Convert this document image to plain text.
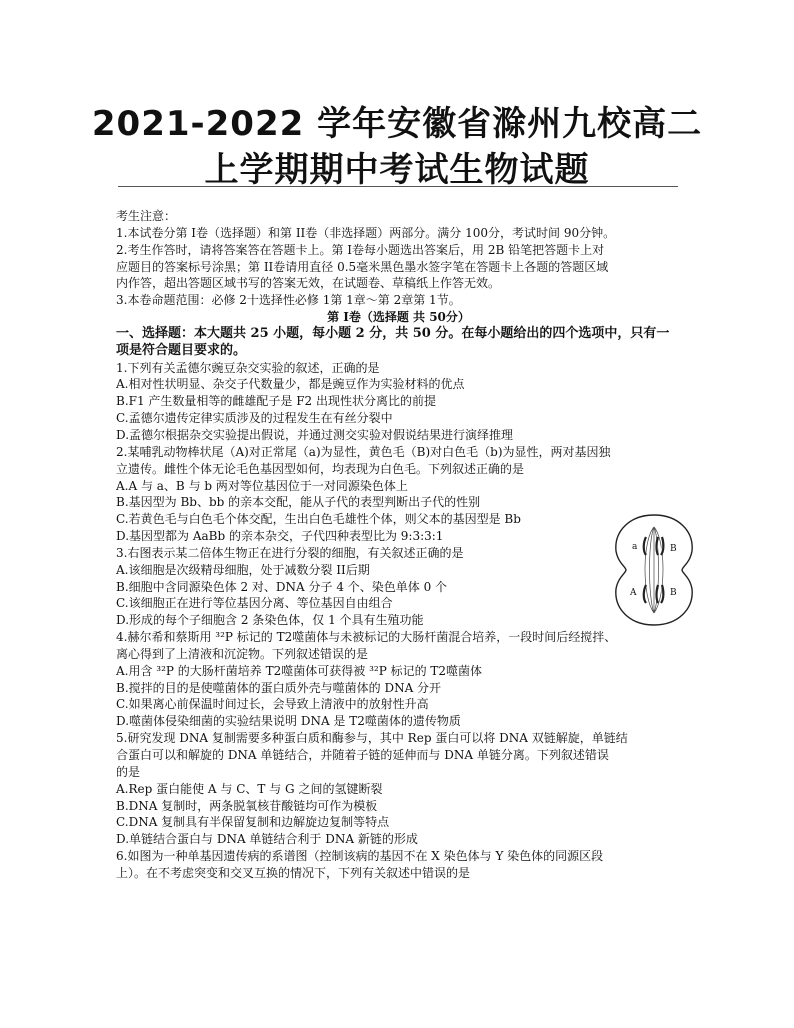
2021-2022 学年安徽省滁州九校高二
上学期期中考试生物试题
考生注意：
1.本试卷分第 I卷（选择题）和第 II卷（非选择题）两部分。满分 100分，考试时间 90分钟。
2.考生作答时，请将答案答在答题卡上。第 I卷每小题选出答案后，用 2B 铅笔把答题卡上对
应题目的答案标号涂黑；第 II卷请用直径 0.5毫米黑色墨水签字笔在答题卡上各题的答题区域
内作答，超出答题区域书写的答案无效，在试题卷、草稿纸上作答无效。
3.本卷命题范围：必修 2十选择性必修 1第 1章～第 2章第 1节。
第 I卷（选择题 共 50分）
一、选择题：本大题共 25 小题，每小题 2 分，共 50 分。在每小题给出的四个选项中，只有一
项是符合题目要求的。
1.下列有关孟德尔豌豆杂交实验的叙述，正确的是
A.相对性状明显、杂交子代数量少，都是豌豆作为实验材料的优点
B.F1 产生数量相等的雌雄配子是 F2 出现性状分离比的前提
C.孟德尔遗传定律实质涉及的过程发生在有丝分裂中
D.孟德尔根据杂交实验提出假说，并通过测交实验对假说结果进行演绎推理
2.某哺乳动物棒状尾（A)对正常尾（a)为显性，黄色毛（B)对白色毛（b)为显性，两对基因独
立遗传。雌性个体无论毛色基因型如何，均表现为白色毛。下列叙述正确的是
A.A 与 a、B 与 b 两对等位基因位于一对同源染色体上
B.基因型为 Bb、bb 的亲本交配，能从子代的表型判断出子代的性别
C.若黄色毛与白色毛个体交配，生出白色毛雄性个体，则父本的基因型是 Bb
D.基因型都为 AaBb 的亲本杂交，子代四种表型比为 9:3:3:1
3.右图表示某二倍体生物正在进行分裂的细胞，有关叙述正确的是
A.该细胞是次级精母细胞，处于减数分裂 II后期
B.细胞中含同源染色体 2 对、DNA 分子 4 个、染色单体 0 个
C.该细胞正在进行等位基因分离、等位基因自由组合
D.形成的每个子细胞含 2 条染色体，仅 1 个具有生殖功能
4.赫尔希和蔡斯用 ³²P 标记的 T2噬菌体与未被标记的大肠杆菌混合培养，一段时间后经搅拌、
离心得到了上清液和沉淀物。下列叙述错误的是
A.用含 ³²P 的大肠杆菌培养 T2噬菌体可获得被 ³²P 标记的 T2噬菌体
B.搅拌的目的是使噬菌体的蛋白质外壳与噬菌体的 DNA 分开
C.如果离心前保温时间过长，会导致上清液中的放射性升高
D.噬菌体侵染细菌的实验结果说明 DNA 是 T2噬菌体的遗传物质
5.研究发现 DNA 复制需要多种蛋白质和酶参与，其中 Rep 蛋白可以将 DNA 双链解旋，单链结
合蛋白可以和解旋的 DNA 单链结合，并随着子链的延伸而与 DNA 单链分离。下列叙述错误
的是
A.Rep 蛋白能使 A 与 C、T 与 G 之间的氢键断裂
B.DNA 复制时，两条脱氧核苷酸链均可作为模板
C.DNA 复制具有半保留复制和边解旋边复制等特点
D.单链结合蛋白与 DNA 单链结合利于 DNA 新链的形成
6.如图为一种单基因遗传病的系谱图（控制该病的基因不在 X 染色体与 Y 染色体的同源区段
上）。在不考虑突变和交叉互换的情况下，下列有关叙述中错误的是
a	B
A	B
